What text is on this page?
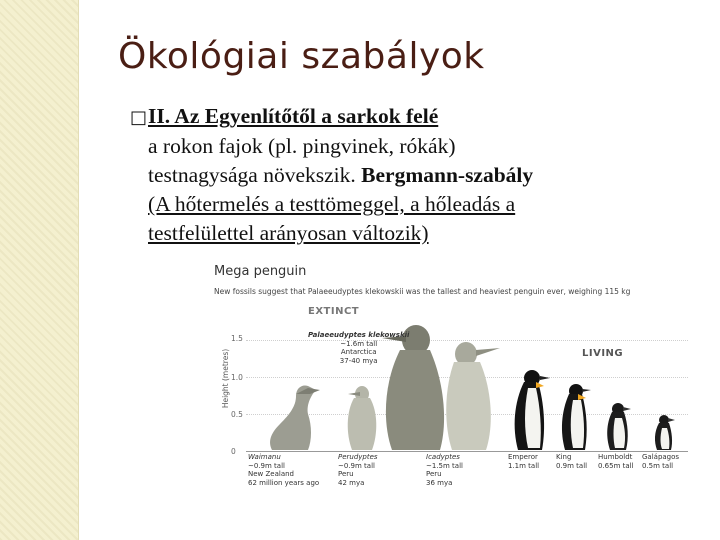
Ökológiai szabályok
□II. Az Egyenlítőtől a sarkok felé
a rokon fajok (pl. pingvinek, rókák)
testnagysága növekszik. Bergmann-szabály
(A hőtermelés a testtömeggel, a hőleadás a
testfelülettel arányosan változik)
Mega penguin
New fossils suggest that Palaeeudyptes klekowskii was the tallest and heaviest penguin ever, weighing 115 kg
EXTINCT
LIVING
Height (metres)
1.5
1.0
0.5
0
Palaeeudyptes klekowskii
~1.6m tall
Antarctica
37-40 mya
Waimanu
~0.9m tall
New Zealand
62 million years ago
Perudyptes
~0.9m tall
Peru
42 mya
Icadyptes
~1.5m tall
Peru
36 mya
Emperor
1.1m tall
King
0.9m tall
Humboldt
0.65m tall
Galápagos
0.5m tall
